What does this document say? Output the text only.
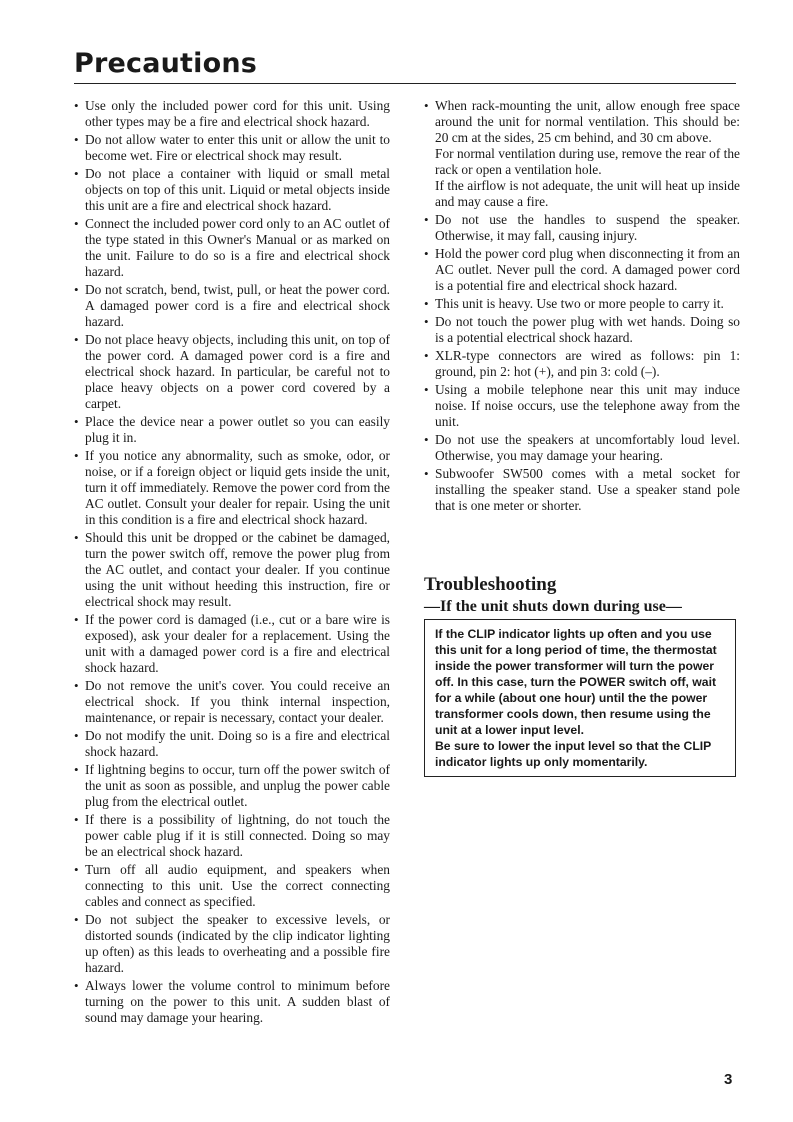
Precautions
• Use only the included power cord for this unit. Using other types may be a fire and electrical shock hazard.
• Do not allow water to enter this unit or allow the unit to become wet. Fire or electrical shock may result.
• Do not place a container with liquid or small metal objects on top of this unit. Liquid or metal objects inside this unit are a fire and electrical shock hazard.
• Connect the included power cord only to an AC outlet of the type stated in this Owner's Manual or as marked on the unit. Failure to do so is a fire and electrical shock hazard.
• Do not scratch, bend, twist, pull, or heat the power cord. A damaged power cord is a fire and electrical shock hazard.
• Do not place heavy objects, including this unit, on top of the power cord. A damaged power cord is a fire and electrical shock hazard. In particular, be careful not to place heavy objects on a power cord covered by a carpet.
• Place the device near a power outlet so you can easily plug it in.
• If you notice any abnormality, such as smoke, odor, or noise, or if a foreign object or liquid gets inside the unit, turn it off immediately. Remove the power cord from the AC outlet. Consult your dealer for repair. Using the unit in this condition is a fire and electrical shock hazard.
• Should this unit be dropped or the cabinet be damaged, turn the power switch off, remove the power plug from the AC outlet, and contact your dealer. If you continue using the unit without heeding this instruction, fire or electrical shock may result.
• If the power cord is damaged (i.e., cut or a bare wire is exposed), ask your dealer for a replacement. Using the unit with a damaged power cord is a fire and electrical shock hazard.
• Do not remove the unit's cover. You could receive an electrical shock. If you think internal inspection, maintenance, or repair is necessary, contact your dealer.
• Do not modify the unit. Doing so is a fire and electrical shock hazard.
• If lightning begins to occur, turn off the power switch of the unit as soon as possible, and unplug the power cable plug from the electrical outlet.
• If there is a possibility of lightning, do not touch the power cable plug if it is still connected. Doing so may be an electrical shock hazard.
• Turn off all audio equipment, and speakers when connecting to this unit. Use the correct connecting cables and connect as specified.
• Do not subject the speaker to excessive levels, or distorted sounds (indicated by the clip indicator lighting up often) as this leads to overheating and a possible fire hazard.
• Always lower the volume control to minimum before turning on the power to this unit. A sudden blast of sound may damage your hearing.
• When rack-mounting the unit, allow enough free space around the unit for normal ventilation. This should be: 20 cm at the sides, 25 cm behind, and 30 cm above.
For normal ventilation during use, remove the rear of the rack or open a ventilation hole.
If the airflow is not adequate, the unit will heat up inside and may cause a fire.
• Do not use the handles to suspend the speaker. Otherwise, it may fall, causing injury.
• Hold the power cord plug when disconnecting it from an AC outlet. Never pull the cord. A damaged power cord is a potential fire and electrical shock hazard.
• This unit is heavy. Use two or more people to carry it.
• Do not touch the power plug with wet hands. Doing so is a potential electrical shock hazard.
• XLR-type connectors are wired as follows: pin 1: ground, pin 2: hot (+), and pin 3: cold (–).
• Using a mobile telephone near this unit may induce noise. If noise occurs, use the telephone away from the unit.
• Do not use the speakers at uncomfortably loud level. Otherwise, you may damage your hearing.
• Subwoofer SW500 comes with a metal socket for installing the speaker stand. Use a speaker stand pole that is one meter or shorter.
Troubleshooting
—If the unit shuts down during use—

If the CLIP indicator lights up often and you use this unit for a long period of time, the thermostat inside the power transformer will turn the power off. In this case, turn the POWER switch off, wait for a while (about one hour) until the the power transformer cools down, then resume using the unit at a lower input level.

Be sure to lower the input level so that the CLIP indicator lights up only momentarily.

3
